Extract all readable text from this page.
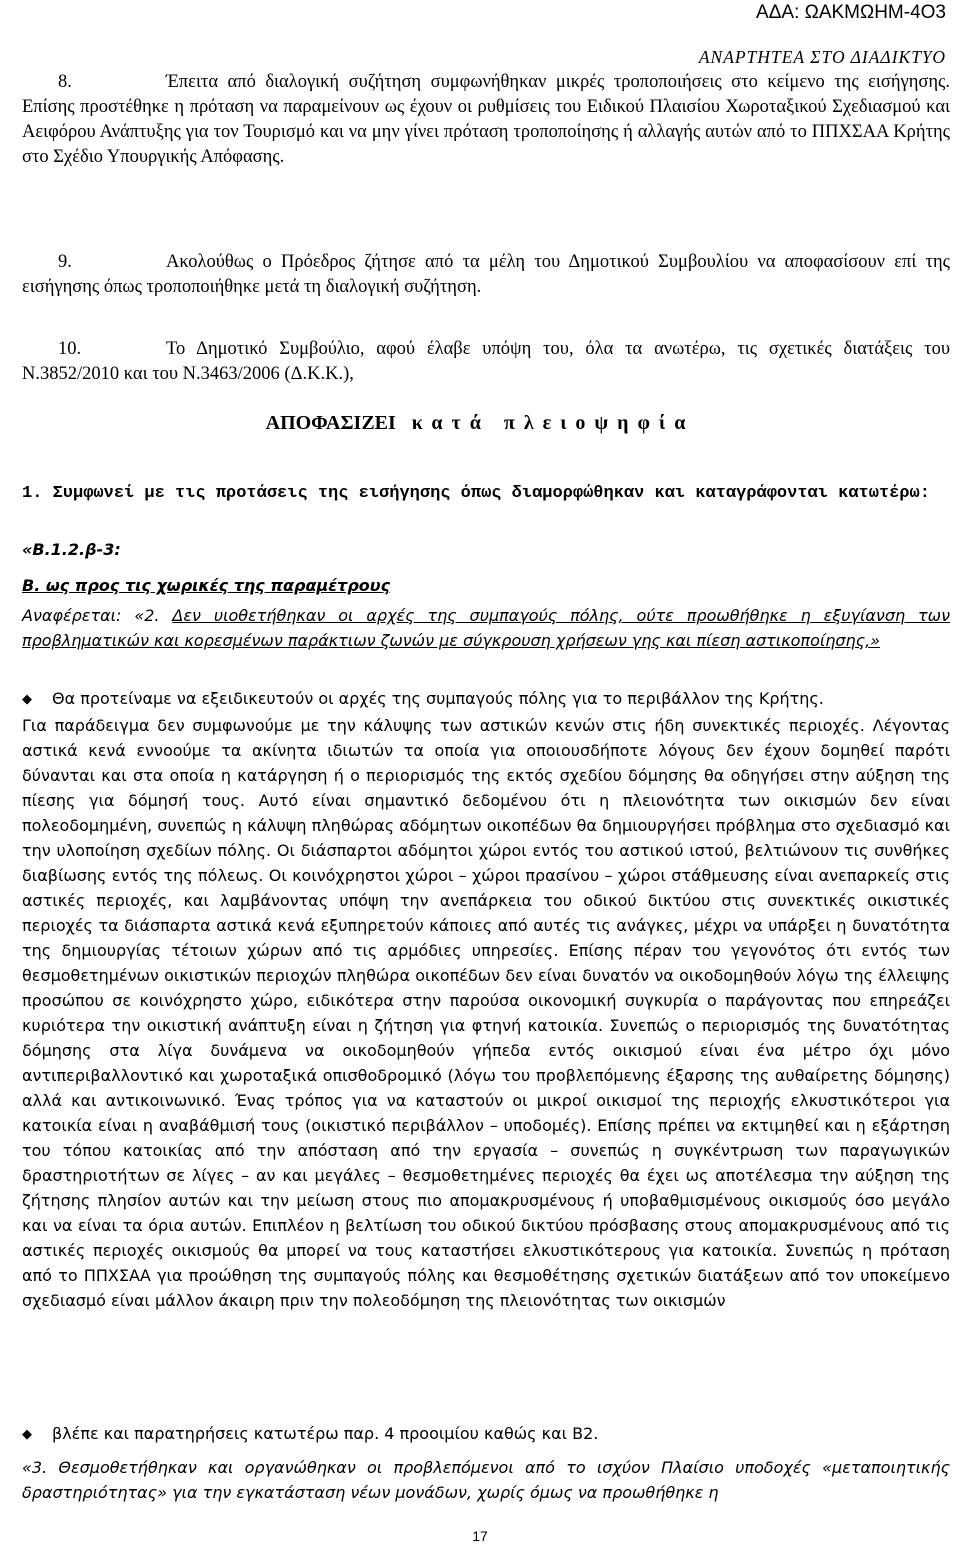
ΑΔΑ: ΩΑΚΜΩΗΜ-4Ο3
ΑΝΑΡΤΗΤΕΑ ΣΤΟ ΔΙΑΔΙΚΤΥΟ

8.	Έπειτα από διαλογική συζήτηση συμφωνήθηκαν μικρές τροποποιήσεις στο κείμενο της εισήγησης. Επίσης προστέθηκε η πρόταση να παραμείνουν ως έχουν οι ρυθμίσεις του Ειδικού Πλαισίου Χωροταξικού Σχεδιασμού και Αειφόρου Ανάπτυξης για τον Τουρισμό και να μην γίνει πρόταση τροποποίησης ή αλλαγής αυτών από το ΠΠΧΣΑΑ Κρήτης στο Σχέδιο Υπουργικής Απόφασης.

9.	Ακολούθως ο Πρόεδρος ζήτησε από τα μέλη του Δημοτικού Συμβουλίου να αποφασίσουν επί της εισήγησης όπως τροποποιήθηκε μετά τη διαλογική συζήτηση.

10.	Το Δημοτικό Συμβούλιο, αφού έλαβε υπόψη του, όλα τα ανωτέρω, τις σχετικές διατάξεις του Ν.3852/2010 και του Ν.3463/2006 (Δ.Κ.Κ.),

ΑΠΟΦΑΣΙΖΕΙ κατά πλειοψηφία
1. Συμφωνεί με τις προτάσεις της εισήγησης όπως διαμορφώθηκαν και καταγράφονται κατωτέρω:
«Β.1.2.β-3:
Β. ως προς τις χωρικές της παραμέτρους
Αναφέρεται: «2. Δεν υιοθετήθηκαν οι αρχές της συμπαγούς πόλης, ούτε προωθήθηκε η εξυγίανση των προβληματικών και κορεσμένων παράκτιων ζωνών με σύγκρουση χρήσεων γης και πίεση αστικοποίησης,»
◆ Θα προτείναμε να εξειδικευτούν οι αρχές της συμπαγούς πόλης για το περιβάλλον της Κρήτης.
Για παράδειγμα δεν συμφωνούμε με την κάλυψης των αστικών κενών στις ήδη συνεκτικές περιοχές. Λέγοντας αστικά κενά εννοούμε τα ακίνητα ιδιωτών τα οποία για οποιουσδήποτε λόγους δεν έχουν δομηθεί παρότι δύνανται και στα οποία η κατάργηση ή ο περιορισμός της εκτός σχεδίου δόμησης θα οδηγήσει στην αύξηση της πίεσης για δόμησή τους. Αυτό είναι σημαντικό δεδομένου ότι η πλειονότητα των οικισμών δεν είναι πολεοδομημένη, συνεπώς η κάλυψη πληθώρας αδόμητων οικοπέδων θα δημιουργήσει πρόβλημα στο σχεδιασμό και την υλοποίηση σχεδίων πόλης. Οι διάσπαρτοι αδόμητοι χώροι εντός του αστικού ιστού, βελτιώνουν τις συνθήκες διαβίωσης εντός της πόλεως. Οι κοινόχρηστοι χώροι – χώροι πρασίνου – χώροι στάθμευσης είναι ανεπαρκείς στις αστικές περιοχές, και λαμβάνοντας υπόψη την ανεπάρκεια του οδικού δικτύου στις συνεκτικές οικιστικές περιοχές τα διάσπαρτα αστικά κενά εξυπηρετούν κάποιες από αυτές τις ανάγκες, μέχρι να υπάρξει η δυνατότητα της δημιουργίας τέτοιων χώρων από τις αρμόδιες υπηρεσίες. Επίσης πέραν του γεγονότος ότι εντός των θεσμοθετημένων οικιστικών περιοχών πληθώρα οικοπέδων δεν είναι δυνατόν να οικοδομηθούν λόγω της έλλειψης προσώπου σε κοινόχρηστο χώρο, ειδικότερα στην παρούσα οικονομική συγκυρία ο παράγοντας που επηρεάζει κυριότερα την οικιστική ανάπτυξη είναι η ζήτηση για φτηνή κατοικία. Συνεπώς ο περιορισμός της δυνατότητας δόμησης στα λίγα δυνάμενα να οικοδομηθούν γήπεδα εντός οικισμού είναι ένα μέτρο όχι μόνο αντιπεριβαλλοντικό και χωροταξικά οπισθοδρομικό (λόγω του προβλεπόμενης έξαρσης της αυθαίρετης δόμησης) αλλά και αντικοινωνικό. Ένας τρόπος για να καταστούν οι μικροί οικισμοί της περιοχής ελκυστικότεροι για κατοικία είναι η αναβάθμισή τους (οικιστικό περιβάλλον – υποδομές). Επίσης πρέπει να εκτιμηθεί και η εξάρτηση του τόπου κατοικίας από την απόσταση από την εργασία – συνεπώς η συγκέντρωση των παραγωγικών δραστηριοτήτων σε λίγες – αν και μεγάλες – θεσμοθετημένες περιοχές θα έχει ως αποτέλεσμα την αύξηση της ζήτησης πλησίον αυτών και την μείωση στους πιο απομακρυσμένους ή υποβαθμισμένους οικισμούς όσο μεγάλο και να είναι τα όρια αυτών. Επιπλέον η βελτίωση του οδικού δικτύου πρόσβασης στους απομακρυσμένους από τις αστικές περιοχές οικισμούς θα μπορεί να τους καταστήσει ελκυστικότερους για κατοικία. Συνεπώς η πρόταση από το ΠΠΧΣΑΑ για προώθηση της συμπαγούς πόλης και θεσμοθέτησης σχετικών διατάξεων από τον υποκείμενο σχεδιασμό είναι μάλλον άκαιρη πριν την πολεοδόμηση της πλειονότητας των οικισμών
◆ βλέπε και παρατηρήσεις κατωτέρω παρ. 4 προοιμίου καθώς και Β2.
«3. Θεσμοθετήθηκαν και οργανώθηκαν οι προβλεπόμενοι από το ισχύον Πλαίσιο υποδοχές «μεταποιητικής δραστηριότητας» για την εγκατάσταση νέων μονάδων, χωρίς όμως να προωθήθηκε η
17
